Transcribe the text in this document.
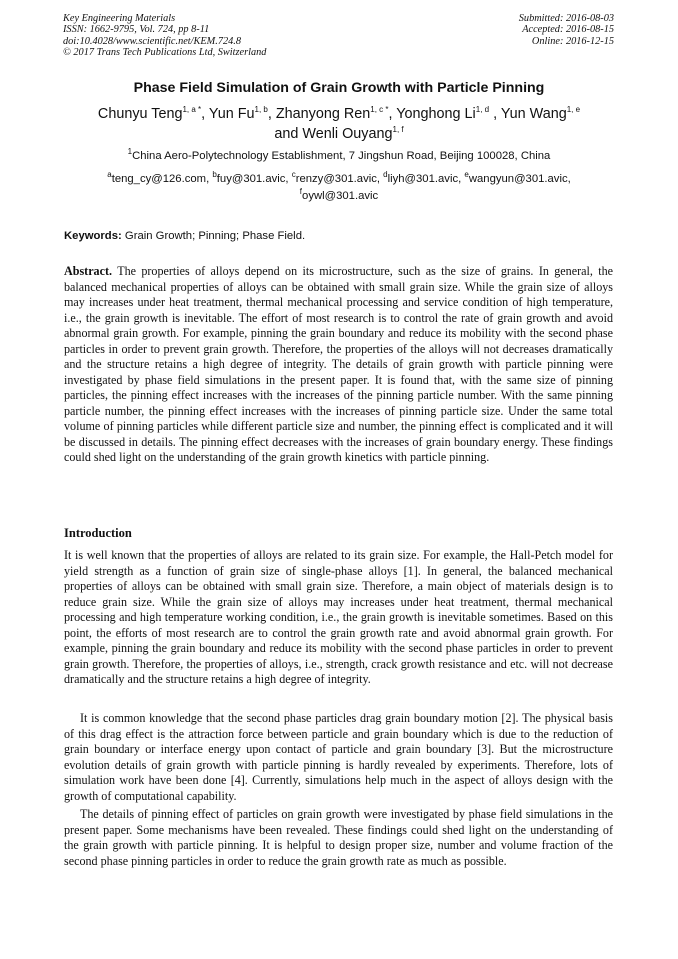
Key Engineering Materials
ISSN: 1662-9795, Vol. 724, pp 8-11
doi:10.4028/www.scientific.net/KEM.724.8
© 2017 Trans Tech Publications Ltd, Switzerland
Submitted: 2016-08-03
Accepted: 2016-08-15
Online: 2016-12-15
Phase Field Simulation of Grain Growth with Particle Pinning
Chunyu Teng$^{1, a *}$, Yun Fu$^{1, b}$, Zhanyong Ren$^{1, c *}$, Yonghong Li$^{1, d}$ , Yun Wang$^{1, e}$
and Wenli Ouyang$^{1, f}$
$^1$China Aero-Polytechnology Establishment, 7 Jingshun Road, Beijing 100028, China
$^a$teng_cy@126.com, $^b$fuy@301.avic, $^c$renzy@301.avic, $^d$liyh@301.avic, $^e$wangyun@301.avic,
$^f$oywl@301.avic
Keywords: Grain Growth; Pinning; Phase Field.

Abstract. The properties of alloys depend on its microstructure, such as the size of grains. In general, the balanced mechanical properties of alloys can be obtained with small grain size. While the grain size of alloys may increases under heat treatment, thermal mechanical processing and service condition of high temperature, i.e., the grain growth is inevitable. The effort of most research is to control the rate of grain growth and avoid abnormal grain growth. For example, pinning the grain boundary and reduce its mobility with the second phase particles in order to prevent grain growth. Therefore, the properties of the alloys will not decreases dramatically and the structure retains a high degree of integrity. The details of grain growth with particle pinning were investigated by phase field simulations in the present paper. It is found that, with the same size of pinning particles, the pinning effect increases with the increases of the pinning particle number. With the same pinning particle number, the pinning effect increases with the increases of pinning particle size. Under the same total volume of pinning particles while different particle size and number, the pinning effect is complicated and it will be discussed in details. The pinning effect decreases with the increases of grain boundary energy. These findings could shed light on the understanding of the grain growth kinetics with particle pinning.

Introduction

It is well known that the properties of alloys are related to its grain size. For example, the Hall-Petch model for yield strength as a function of grain size of single-phase alloys [1]. In general, the balanced mechanical properties of alloys can be obtained with small grain size. Therefore, a main object of materials design is to reduce grain size. While the grain size of alloys may increases under heat treatment, thermal mechanical processing and high temperature working condition, i.e., the grain growth is inevitable sometimes. Based on this point, the efforts of most research are to control the grain growth rate and avoid abnormal grain growth. For example, pinning the grain boundary and reduce its mobility with the second phase particles in order to prevent grain growth. Therefore, the properties of alloys, i.e., strength, crack growth resistance and etc. will not decrease dramatically and the structure retains a high degree of integrity.

It is common knowledge that the second phase particles drag grain boundary motion [2]. The physical basis of this drag effect is the attraction force between particle and grain boundary which is due to the reduction of grain boundary or interface energy upon contact of particle and grain boundary [3]. But the microstructure evolution details of grain growth with particle pinning is hardly revealed by experiments. Therefore, lots of simulation work have been done [4]. Currently, simulations help much in the aspect of alloys design with the growth of computational capability.

The details of pinning effect of particles on grain growth were investigated by phase field simulations in the present paper. Some mechanisms have been revealed. These findings could shed light on the understanding of the grain growth with particle pinning. It is helpful to design proper size, number and volume fraction of the second phase pinning particles in order to reduce the grain growth rate as much as possible.
